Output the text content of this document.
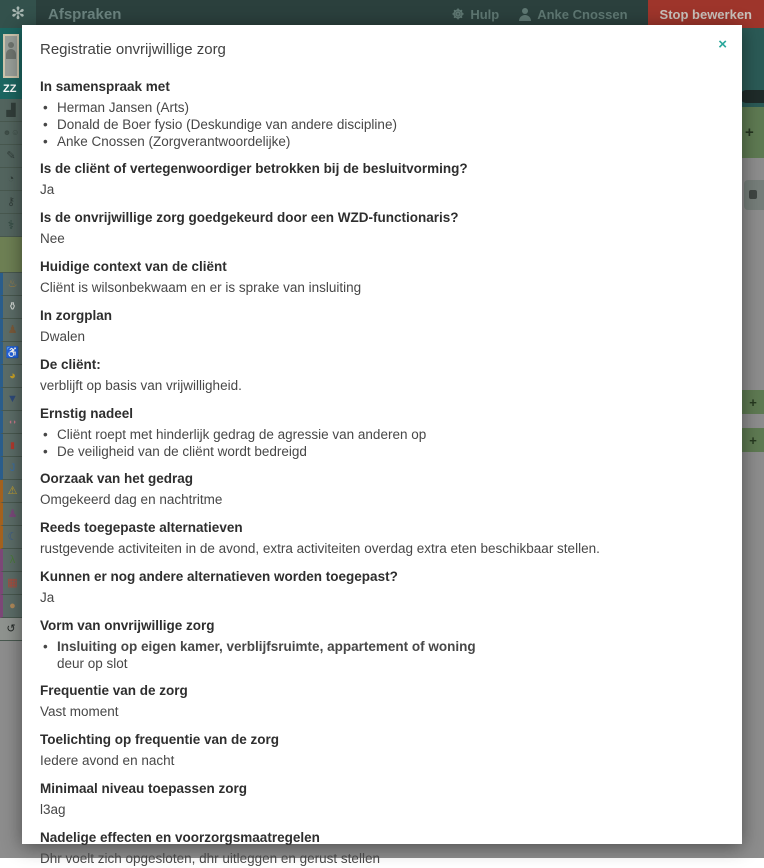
✻ Afspraken	☸ Hulp	Anke Cnossen	Stop bewerken
ZZ
▟
☻☺
✎
◔
⚷
⚕
♨
⚱
♟
♿
◕
▼
◖◗
▮
J
⚠
♟
☾
λ
▦
●
↺
+
+
+
×
Registratie onvrijwillige zorg
In samenspraak met
• Herman Jansen (Arts)
• Donald de Boer fysio (Deskundige van andere discipline)
• Anke Cnossen (Zorgverantwoordelijke)
Is de cliënt of vertegenwoordiger betrokken bij de besluitvorming?

Ja

Is de onvrijwillige zorg goedgekeurd door een WZD-functionaris?

Nee

Huidige context van de cliënt

Cliënt is wilsonbekwaam en er is sprake van insluiting

In zorgplan

Dwalen

De cliënt:

verblijft op basis van vrijwilligheid.

Ernstig nadeel
• Cliënt roept met hinderlijk gedrag de agressie van anderen op
• De veiligheid van de cliënt wordt bedreigd
Oorzaak van het gedrag

Omgekeerd dag en nachtritme

Reeds toegepaste alternatieven

rustgevende activiteiten in de avond, extra activiteiten overdag extra eten beschikbaar stellen.

Kunnen er nog andere alternatieven worden toegepast?

Ja

Vorm van onvrijwillige zorg
• Insluiting op eigen kamer, verblijfsruimte, appartement of woning
deur op slot
Frequentie van de zorg

Vast moment

Toelichting op frequentie van de zorg

Iedere avond en nacht

Minimaal niveau toepassen zorg

l3ag

Nadelige effecten en voorzorgsmaatregelen

Dhr voelt zich opgesloten, dhr uitleggen en gerust stellen
